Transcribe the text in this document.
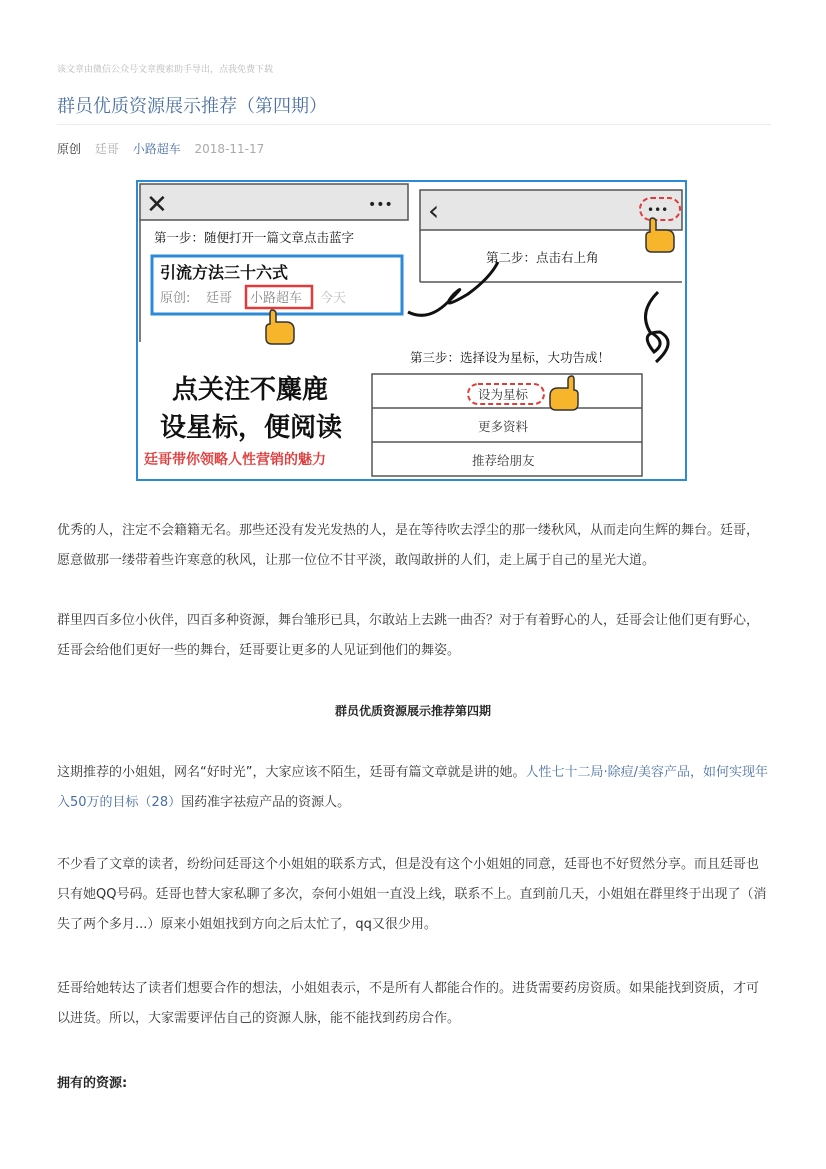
该文章由微信公众号文章搜索助手导出，点我免费下载
群员优质资源展示推荐（第四期）
原创 廷哥 小路超车 2018-11-17
✕	•••
第一步：随便打开一篇文章点击蓝字
引流方法三十六式
原创: 廷哥 小路超车 今天
‹	•••
第二步：点击右上角
第三步：选择设为星标，大功告成！
点关注不麋鹿
设星标，便阅读
廷哥带你领略人性营销的魅力
设为星标
更多资料
推荐给朋友
优秀的人，注定不会籍籍无名。那些还没有发光发热的人，是在等待吹去浮尘的那一缕秋风，从而走向生辉的舞台。廷哥，愿意做那一缕带着些许寒意的秋风，让那一位位不甘平淡，敢闯敢拼的人们，走上属于自己的星光大道。
群里四百多位小伙伴，四百多种资源，舞台雏形已具，尔敢站上去跳一曲否？对于有着野心的人，廷哥会让他们更有野心，廷哥会给他们更好一些的舞台，廷哥要让更多的人见证到他们的舞姿。
群员优质资源展示推荐第四期
这期推荐的小姐姐，网名“好时光”，大家应该不陌生，廷哥有篇文章就是讲的她。人性七十二局·除痘/美容产品，如何实现年入50万的目标（28）国药准字祛痘产品的资源人。
不少看了文章的读者，纷纷问廷哥这个小姐姐的联系方式，但是没有这个小姐姐的同意，廷哥也不好贸然分享。而且廷哥也只有她QQ号码。廷哥也替大家私聊了多次，奈何小姐姐一直没上线，联系不上。直到前几天，小姐姐在群里终于出现了（消失了两个多月...）原来小姐姐找到方向之后太忙了，qq又很少用。
廷哥给她转达了读者们想要合作的想法，小姐姐表示，不是所有人都能合作的。进货需要药房资质。如果能找到资质，才可以进货。所以，大家需要评估自己的资源人脉，能不能找到药房合作。
拥有的资源:
